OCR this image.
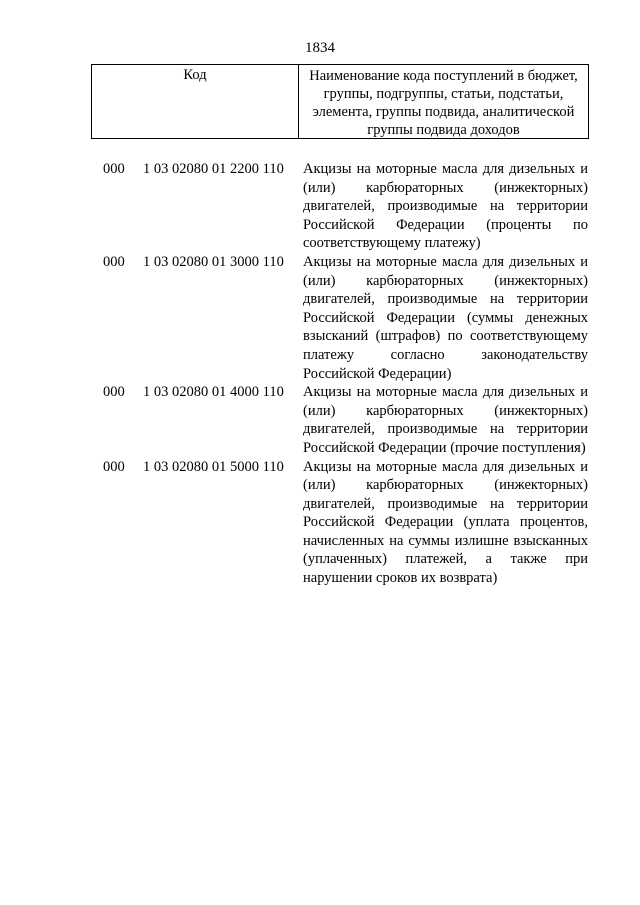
1834
Код	Наименование кода поступлений в бюджет, группы, подгруппы, статьи, подстатьи, элемента, группы подвида, аналитической группы подвида доходов
000 1 03 02080 01 2200 110 Акцизы на моторные масла для дизельных и (или) карбюраторных (инжекторных) двигателей, производимые на территории Российской Федерации (проценты по соответствующему платежу)
000 1 03 02080 01 3000 110 Акцизы на моторные масла для дизельных и (или) карбюраторных (инжекторных) двигателей, производимые на территории Российской Федерации (суммы денежных взысканий (штрафов) по соответствующему платежу согласно законодательству Российской Федерации)
000 1 03 02080 01 4000 110 Акцизы на моторные масла для дизельных и (или) карбюраторных (инжекторных) двигателей, производимые на территории Российской Федерации (прочие поступления)
000 1 03 02080 01 5000 110 Акцизы на моторные масла для дизельных и (или) карбюраторных (инжекторных) двигателей, производимые на территории Российской Федерации (уплата процентов, начисленных на суммы излишне взысканных (уплаченных) платежей, а также при нарушении сроков их возврата)
